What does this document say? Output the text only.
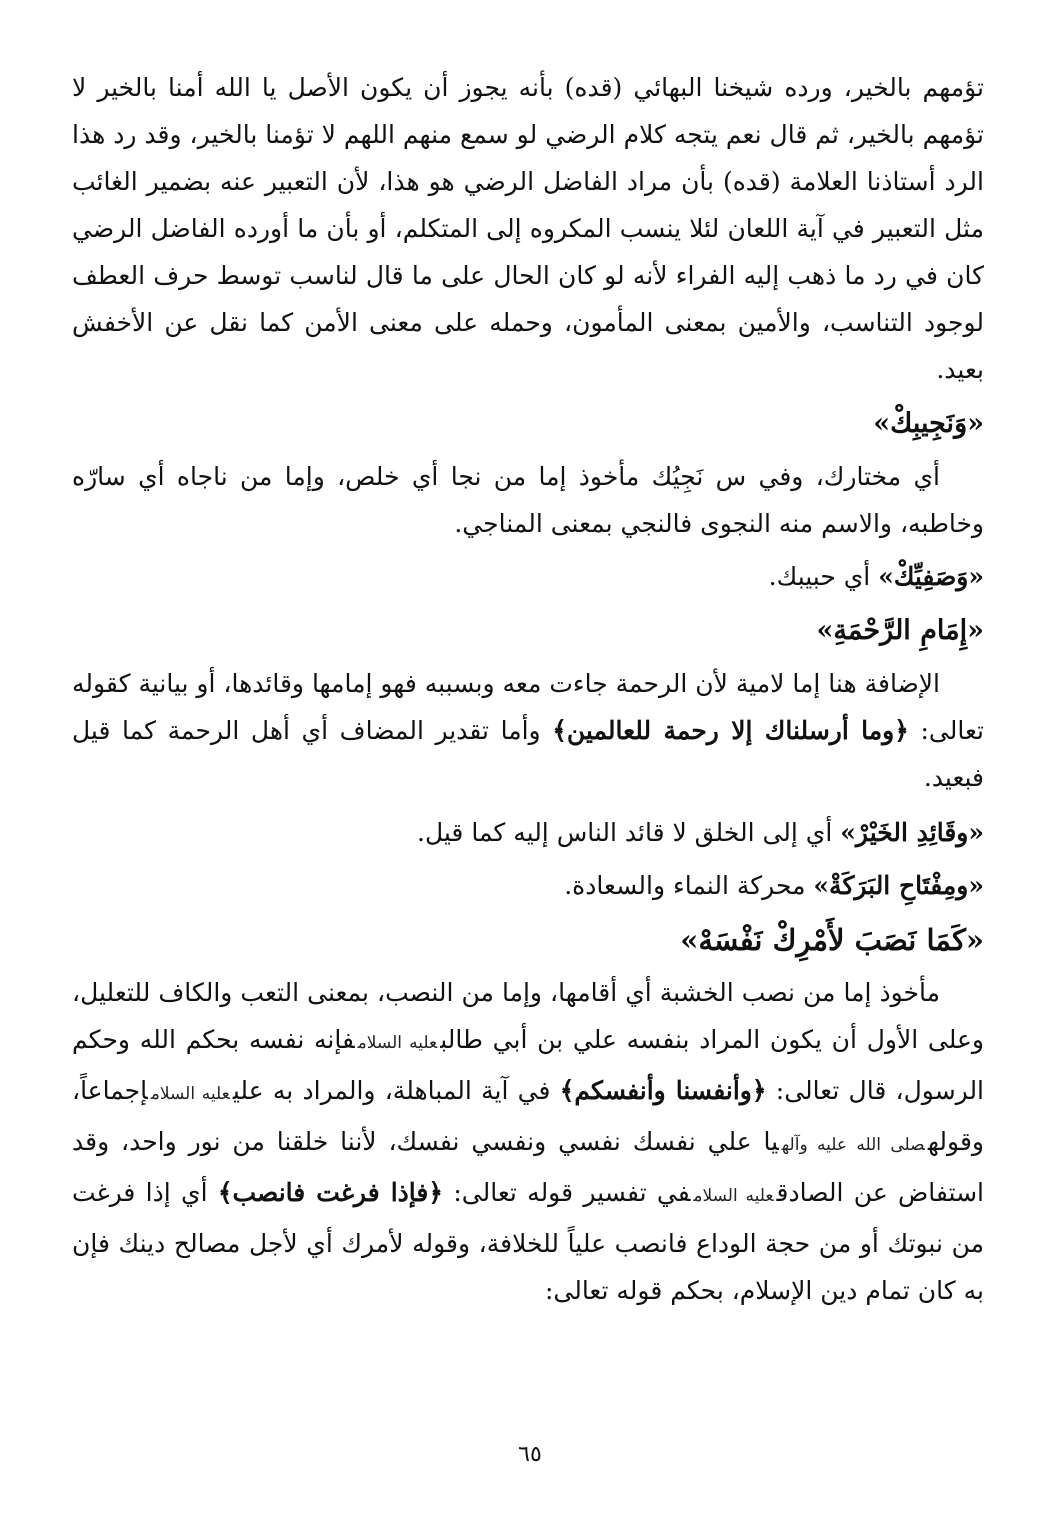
تؤمهم بالخير، ورده شيخنا البهائي (قده) بأنه يجوز أن يكون الأصل يا الله أمنا بالخير لا تؤمهم بالخير، ثم قال نعم يتجه كلام الرضي لو سمع منهم اللهم لا تؤمنا بالخير، وقد رد هذا الرد أستاذنا العلامة (قده) بأن مراد الفاضل الرضي هو هذا، لأن التعبير عنه بضمير الغائب مثل التعبير في آية اللعان لئلا ينسب المكروه إلى المتكلم، أو بأن ما أورده الفاضل الرضي كان في رد ما ذهب إليه الفراء لأنه لو كان الحال على ما قال لناسب توسط حرف العطف لوجود التناسب، والأمين بمعنى المأمون، وحمله على معنى الأمن كما نقل عن الأخفش بعيد.

«وَنَجِيبِكْ»

أي مختارك، وفي س نَجِيُك مأخوذ إما من نجا أي خلص، وإما من ناجاه أي سارّه وخاطبه، والاسم منه النجوى فالنجي بمعنى المناجي.

«وَصَفِيِّكْ» أي حبيبك.

«إِمَامِ الرَّحْمَةِ»

الإضافة هنا إما لامية لأن الرحمة جاءت معه وبسببه فهو إمامها وقائدها، أو بيانية كقوله تعالى: ﴿وما أرسلناك إلا رحمة للعالمين﴾ وأما تقدير المضاف أي أهل الرحمة كما قيل فبعيد.

«وقَائِدِ الخَيْرْ» أي إلى الخلق لا قائد الناس إليه كما قيل.

«ومِفْتَاحِ البَرَكَةْ» محركة النماء والسعادة.

«كَمَا نَصَبَ لأَمْرِكْ نَفْسَهْ»

مأخوذ إما من نصب الخشبة أي أقامها، وإما من النصب، بمعنى التعب والكاف للتعليل، وعلى الأول أن يكون المراد بنفسه علي بن أبي طالبعليه السلامفإنه نفسه بحكم الله وحكم الرسول، قال تعالى: ﴿وأنفسنا وأنفسكم﴾ في آية المباهلة، والمراد به عليعليه السلامإجماعاً، وقولهصلى الله عليه وآلهيا علي نفسك نفسي ونفسي نفسك، لأننا خلقنا من نور واحد، وقد استفاض عن الصادقعليه السلامفي تفسير قوله تعالى: ﴿فإذا فرغت فانصب﴾ أي إذا فرغت من نبوتك أو من حجة الوداع فانصب علياً للخلافة، وقوله لأمرك أي لأجل مصالح دينك فإن به كان تمام دين الإسلام، بحكم قوله تعالى:

٦٥
